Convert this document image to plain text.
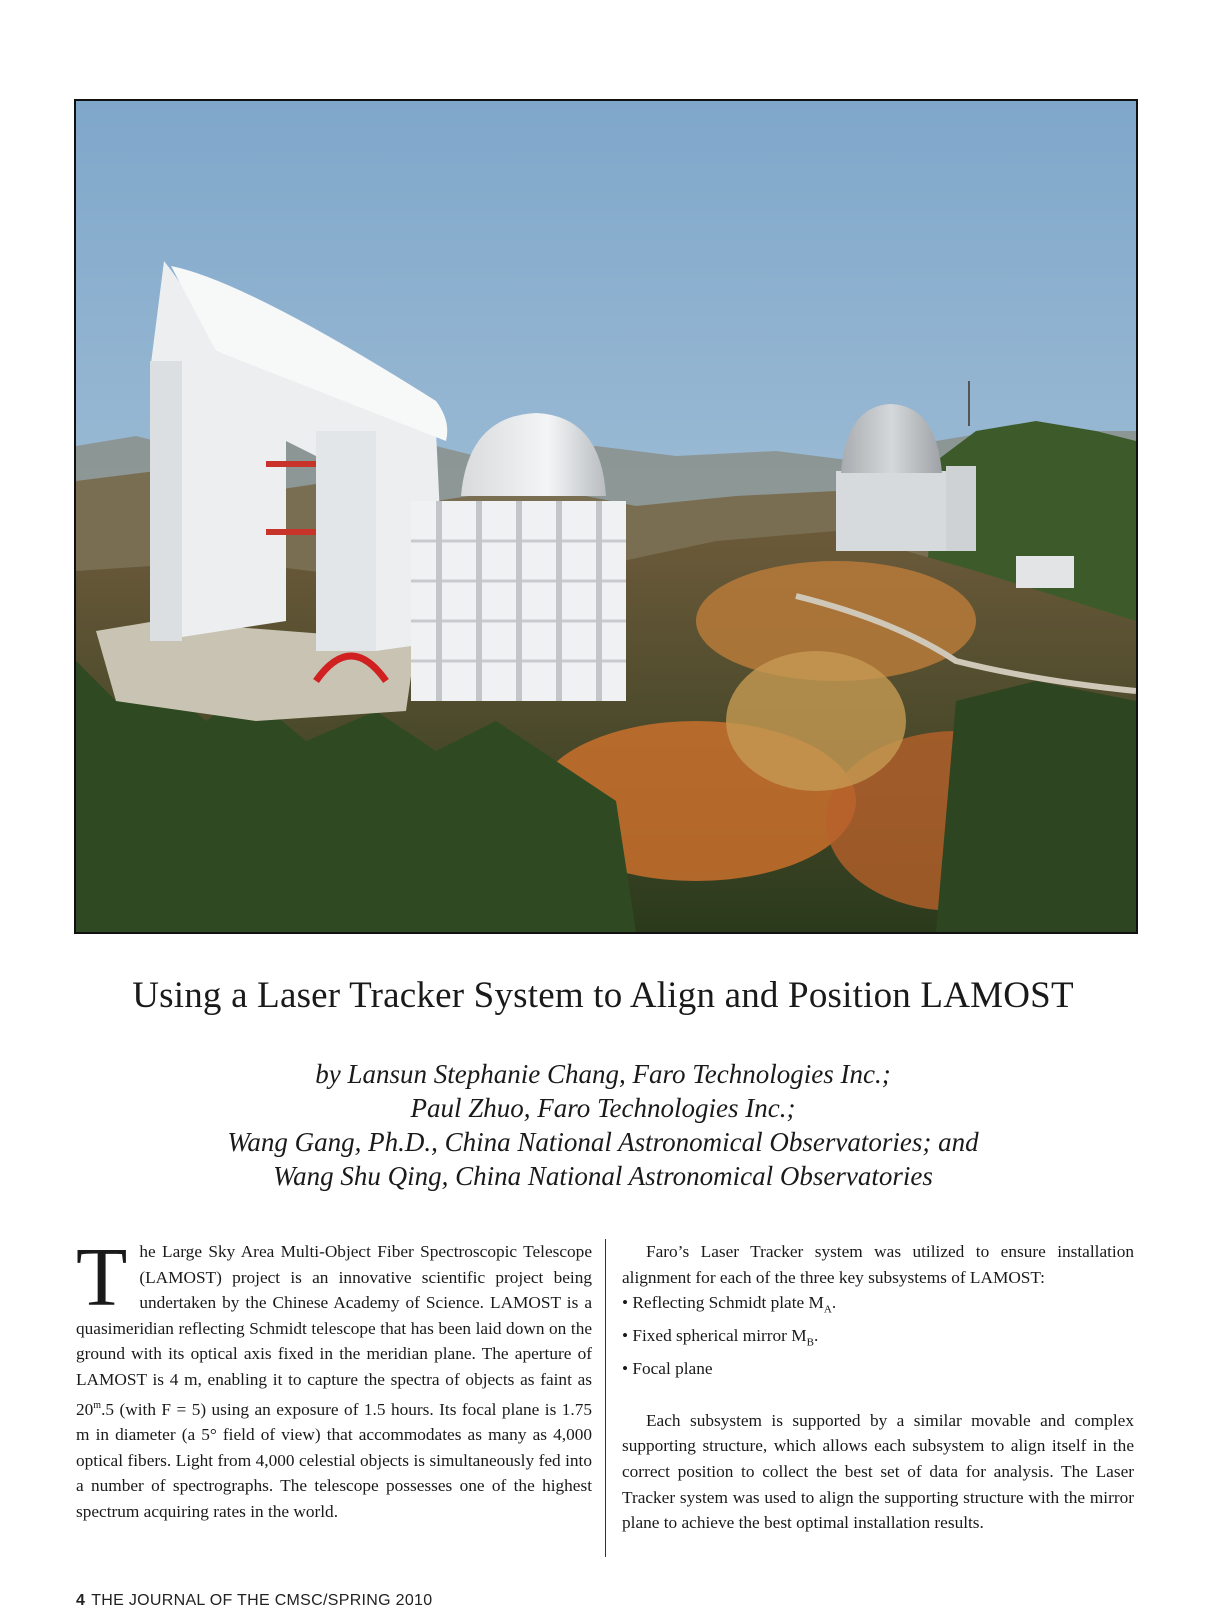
Using a Laser Tracker System to Align and Position LAMOST
by Lansun Stephanie Chang, Faro Technologies Inc.;
Paul Zhuo, Faro Technologies Inc.;
Wang Gang, Ph.D., China National Astronomical Observatories; and
Wang Shu Qing, China National Astronomical Observatories
T he Large Sky Area Multi-Object Fiber Spectroscopic Telescope (LAMOST) project is an innovative scientific project being undertaken by the Chinese Academy of Science. LAMOST is a quasimeridian reflecting Schmidt telescope that has been laid down on the ground with its optical axis fixed in the meridian plane. The aperture of LAMOST is 4 m, enabling it to capture the spectra of objects as faint as 20$^m$.5 (with F = 5) using an exposure of 1.5 hours. Its focal plane is 1.75 m in diameter (a 5° field of view) that accommodates as many as 4,000 optical fibers. Light from 4,000 celestial objects is simultaneously fed into a number of spectrographs. The telescope possesses one of the highest spectrum acquiring rates in the world.

Faro’s Laser Tracker system was utilized to ensure installation alignment for each of the three key subsystems of LAMOST:

• Reflecting Schmidt plate $M_A$.
• Fixed spherical mirror $M_B$.
• Focal plane

Each subsystem is supported by a similar movable and complex supporting structure, which allows each subsystem to align itself in the correct position to collect the best set of data for analysis. The Laser Tracker system was used to align the supporting structure with the mirror plane to achieve the best optimal installation results.

4 THE JOURNAL OF THE CMSC/SPRING 2010
